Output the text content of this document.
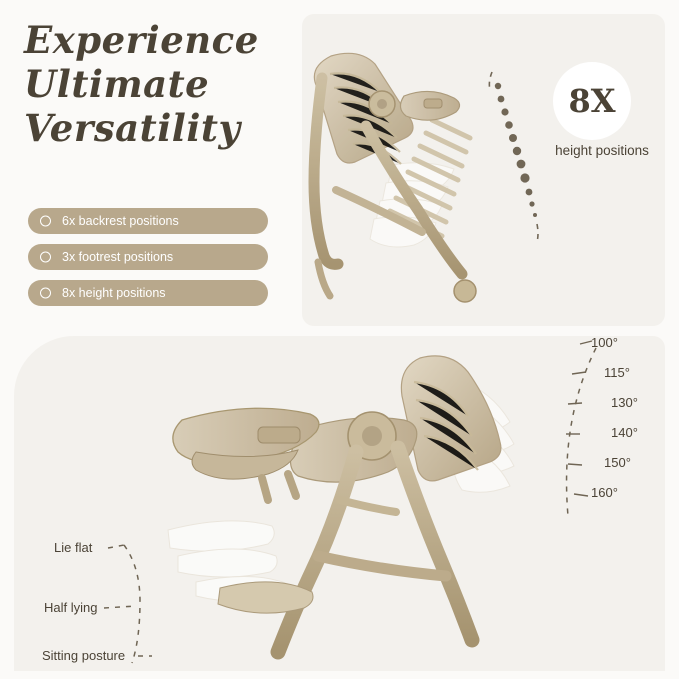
Experience
Ultimate
Versatility
6x backrest positions
3x footrest positions
8x height positions
8X
height positions
100°
115°
130°
140°
150°
160°
Lie flat
Half lying
Sitting posture
